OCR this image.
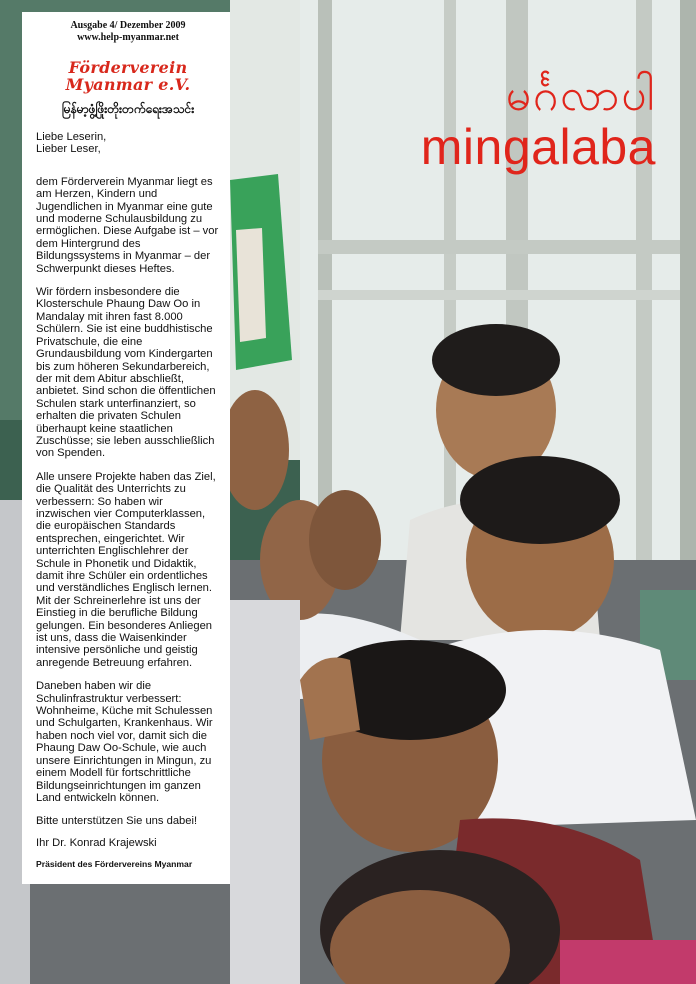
မင်္ဂလာပါ
mingalaba
Ausgabe 4/ Dezember 2009
www.help-myanmar.net
Förderverein
Myanmar e.V.
မြန်မာ့ဖွံ့ဖြိုးတိုးတက်ရေးအသင်း

Liebe Leserin,
Lieber Leser,

dem Förderverein Myanmar liegt es am Herzen, Kindern und Jugendlichen in Myanmar eine gute und moderne Schulausbildung zu ermöglichen. Diese Aufgabe ist – vor dem Hintergrund des Bildungssystems in Myanmar – der Schwerpunkt dieses Heftes.

Wir fördern insbesondere die Klosterschule Phaung Daw Oo in Mandalay mit ihren fast 8.000 Schülern. Sie ist eine buddhistische Privatschule, die eine Grundausbildung vom Kindergarten bis zum höheren Sekundarbereich, der mit dem Abitur abschließt, anbietet. Sind schon die öffentlichen Schulen stark unterfinanziert, so erhalten die privaten Schulen überhaupt keine staatlichen Zuschüsse; sie leben ausschließlich von Spenden.

Alle unsere Projekte haben das Ziel, die Qualität des Unterrichts zu verbessern: So haben wir inzwischen vier Computerklassen, die europäischen Standards entsprechen, eingerichtet. Wir unterrichten Englischlehrer der Schule in Phonetik und Didaktik, damit ihre Schüler ein ordentliches und verständliches Englisch lernen. Mit der Schreinerlehre ist uns der Einstieg in die berufliche Bildung gelungen. Ein besonderes Anliegen ist uns, dass die Waisenkinder intensive persönliche und geistig anregende Betreuung erfahren.

Daneben haben wir die Schulinfrastruktur verbessert: Wohnheime, Küche mit Schulessen und Schulgarten, Krankenhaus. Wir haben noch viel vor, damit sich die Phaung Daw Oo-Schule, wie auch unsere Einrichtungen in Mingun, zu einem Modell für fortschrittliche Bildungseinrichtungen im ganzen Land entwickeln können.

Bitte unterstützen Sie uns dabei!

Ihr Dr. Konrad Krajewski
Präsident des Fördervereins Myanmar
